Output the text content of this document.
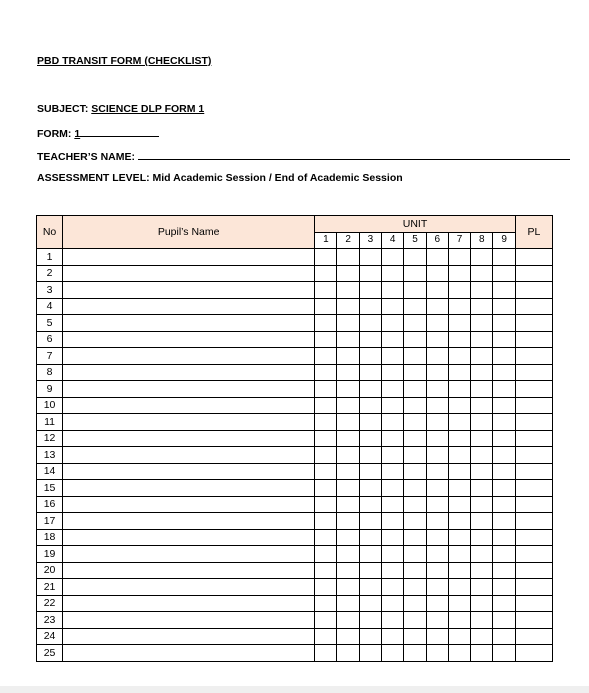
PBD TRANSIT FORM (CHECKLIST)
SUBJECT: SCIENCE DLP FORM 1
FORM: 1
TEACHER’S NAME:
ASSESSMENT LEVEL: Mid Academic Session / End of Academic Session
No	Pupil’s Name	UNIT									PL
		1	2	3	4	5	6	7	8	9	
1											
2											
3											
4											
5											
6											
7											
8											
9											
10											
11											
12											
13											
14											
15											
16											
17											
18											
19											
20											
21											
22											
23											
24											
25											
